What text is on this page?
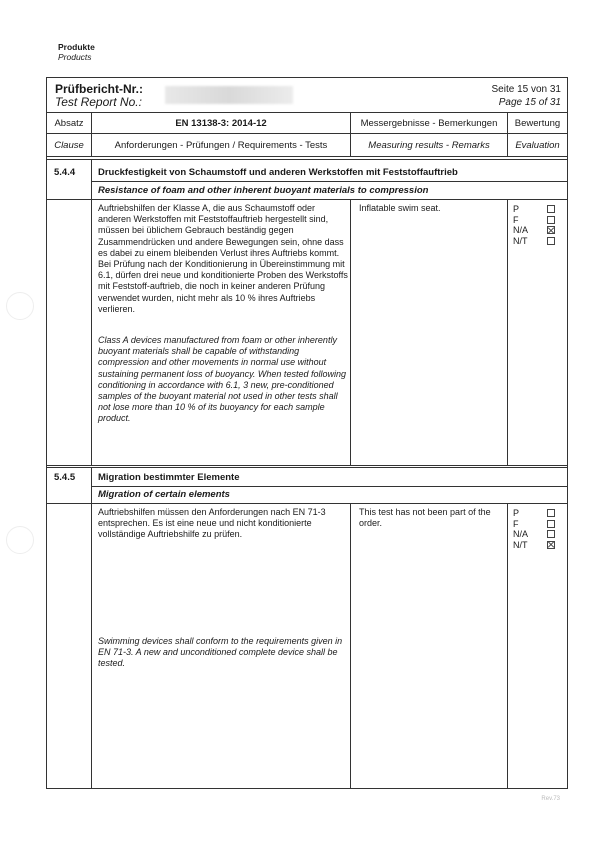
Produkte
Products
Prüfbericht-Nr.:
Test Report No.:
Seite 15 von 31
Page 15 of 31
Absatz
Clause
EN 13138-3: 2014-12
Anforderungen - Prüfungen / Requirements - Tests
Messergebnisse - Bemerkungen
Measuring results - Remarks
Bewertung
Evaluation
5.4.4 Druckfestigkeit von Schaumstoff und anderen Werkstoffen mit Feststoffauftrieb
Resistance of foam and other inherent buoyant materials to compression
Auftriebshilfen der Klasse A, die aus Schaumstoff oder anderen Werkstoffen mit Feststoffauftrieb hergestellt sind, müssen bei üblichem Gebrauch beständig gegen Zusammendrücken und andere Bewegungen sein, ohne dass es dabei zu einem bleibenden Verlust ihres Auftriebs kommt. Bei Prüfung nach der Konditionierung in Übereinstimmung mit 6.1, dürfen drei neue und konditionierte Proben des Werkstoffs mit Feststoff-auftrieb, die noch in keiner anderen Prüfung verwendet wurden, nicht mehr als 10 % ihres Auftriebs verlieren.
Class A devices manufactured from foam or other inherently buoyant materials shall be capable of withstanding compression and other movements in normal use without sustaining permanent loss of buoyancy. When tested following conditioning in accordance with 6.1, 3 new, pre-conditioned samples of the buoyant material not used in other tests shall not lose more than 10 % of its buoyancy for each sample product.
Inflatable swim seat.	P
F
N/A
N/T
5.4.5 Migration bestimmter Elemente
Migration of certain elements
Auftriebshilfen müssen den Anforderungen nach EN 71-3 entsprechen. Es ist eine neue und nicht konditionierte vollständige Auftriebshilfe zu prüfen.
Swimming devices shall conform to the requirements given in EN 71-3. A new and unconditioned complete device shall be tested.
This test has not been part of the order.
P
F
N/A
N/T
Rev.73
